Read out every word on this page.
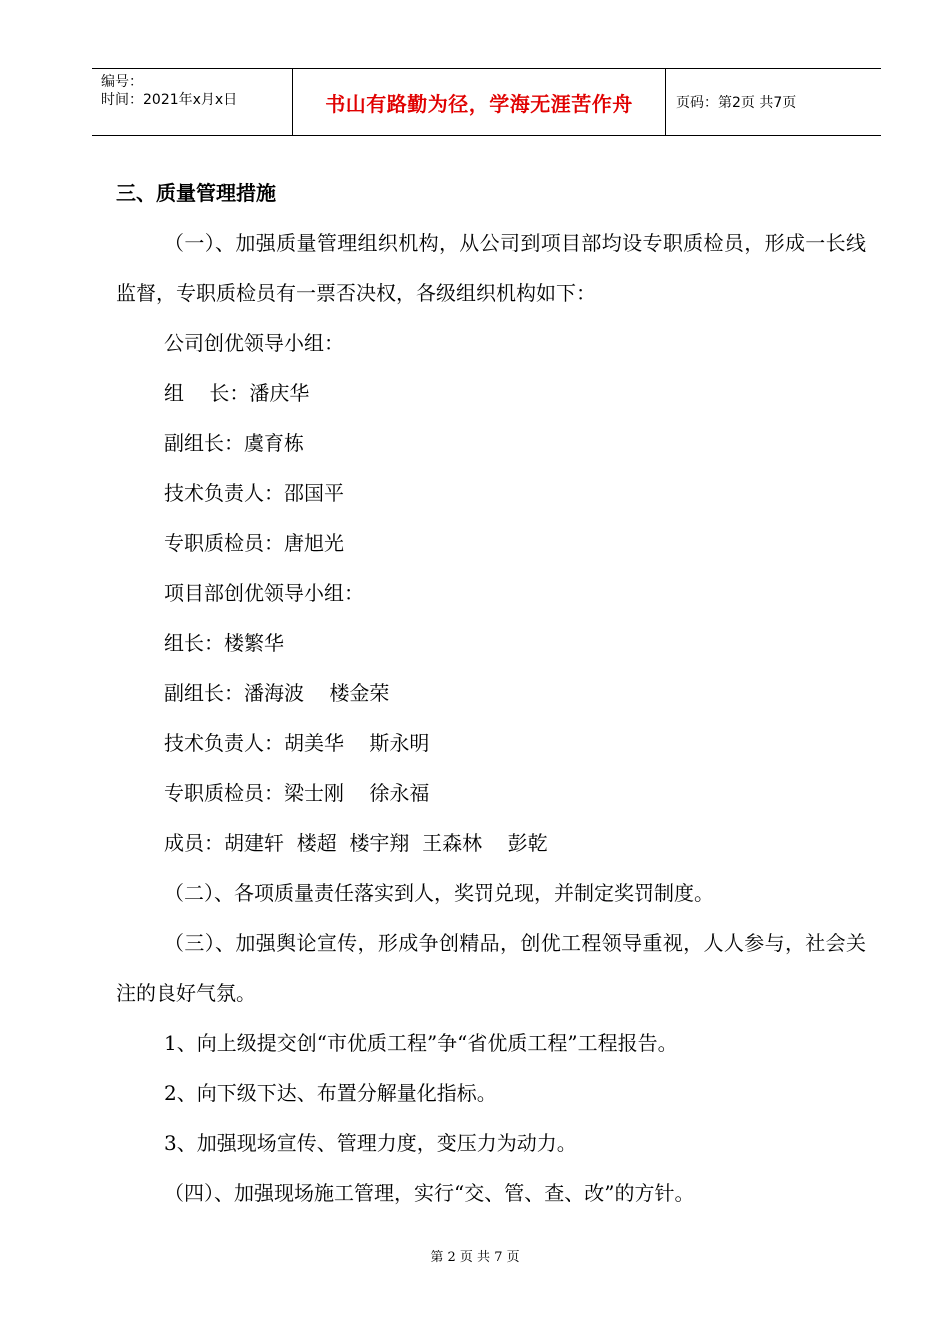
编号：
时间：2021年x月x日	书山有路勤为径，学海无涯苦作舟	页码：第2页 共7页
三、质量管理措施

（一）、加强质量管理组织机构，从公司到项目部均设专职质检员，形成一长线监督，专职质检员有一票否决权，各级组织机构如下：

公司创优领导小组：
组    长：潘庆华
副组长：虞育栋
技术负责人：邵国平
专职质检员：唐旭光
项目部创优领导小组：
组长：楼繁华
副组长：潘海波    楼金荣
技术负责人：胡美华    斯永明
专职质检员：梁士刚    徐永福
成员：胡建轩  楼超  楼宇翔  王森林    彭乾
（二）、各项质量责任落实到人，奖罚兑现，并制定奖罚制度。

（三）、加强舆论宣传，形成争创精品，创优工程领导重视，人人参与，社会关注的良好气氛。

1、向上级提交创“市优质工程”争“省优质工程”工程报告。
2、向下级下达、布置分解量化指标。
3、加强现场宣传、管理力度，变压力为动力。
（四）、加强现场施工管理，实行“交、管、查、改”的方针。
第 2 页 共 7 页
